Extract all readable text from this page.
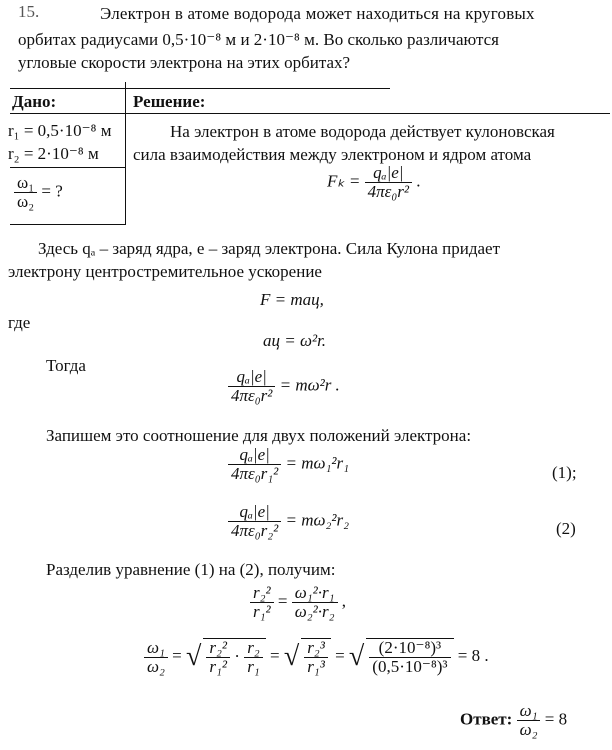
15.	Электрон в атоме водорода может находиться на круговых
орбитах радиусами 0,5·10⁻⁸ м и 2·10⁻⁸ м. Во сколько различаются
угловые скорости электрона на этих орбитах?
Дано:	Решение:
r₁ = 0,5·10⁻⁸ м
r₂ = 2·10⁻⁸ м
$\frac{\text{ω₁}}{\text{ω₂}}$ = ?
На электрон в атоме водорода действует кулоновская
сила взаимодействия между электроном и ядром атома
$F_k = \frac{\text{qₐ|e|}}{\text{4πε₀r²}}$ .
Здесь qₐ – заряд ядра, e – заряд электрона. Сила Кулона придает
электрону центростремительное ускорение
F = maц,
где
aц = ω²r.
Тогда
$\frac{\text{qₐ|e|}}{\text{4πε₀r²}} = m\omega^2r$ .
Запишем это соотношение для двух положений электрона:
$\frac{\text{qₐ|e|}}{\text{4πε₀r₁²}} = m\omega_1^2r_1$
(1);
$\frac{\text{qₐ|e|}}{\text{4πε₀r₂²}} = m\omega_2^2r_2$	(2)
Разделив уравнение (1) на (2), получим:
$\frac{\text{r₂²}}{\text{r₁²}} = \frac{\text{ω₁²·r₁}}{\text{ω₂²·r₂}}$ ,
$\frac{\text{ω₁}}{\text{ω₂}}$ = √ $\frac{\text{r₂²}}{\text{r₁²}} \cdot \frac{\text{r₂}}{\text{r₁}}$ = √ $\frac{\text{r₂³}}{\text{r₁³}}$ = √ $\frac{\text{(2·10⁻⁸)³}}{\text{(0,5·10⁻⁸)³}} = 8$ .
Ответ: $\frac{\text{ω₁}}{\text{ω₂}} = 8$
